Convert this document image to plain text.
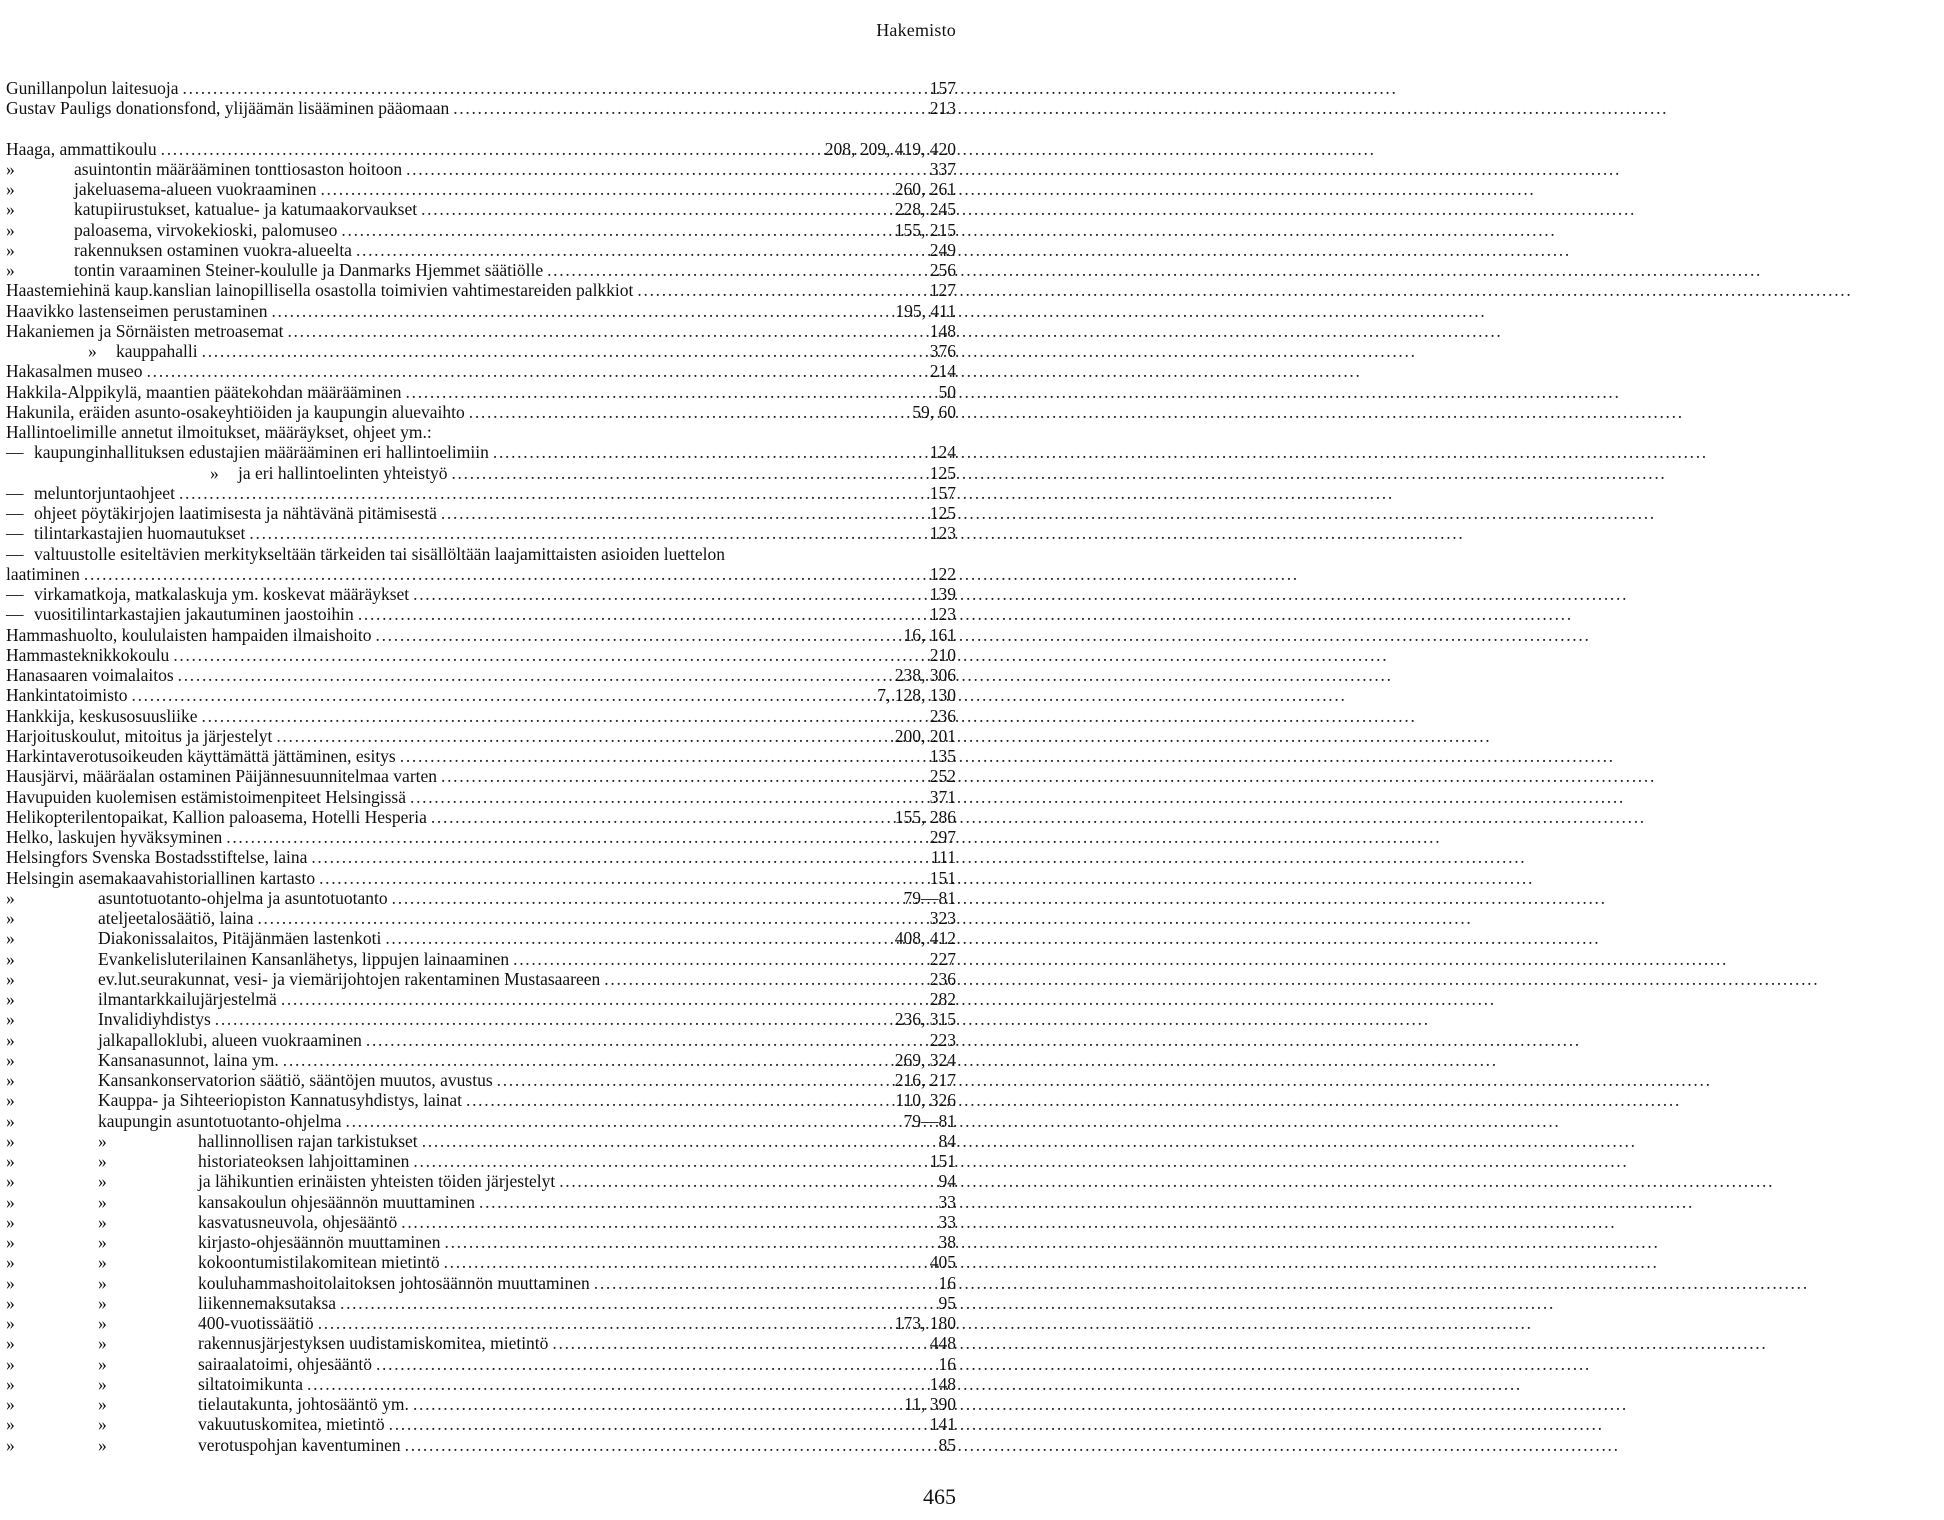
Hakemisto
Gunillanpolun laitesuoja .....	157
Gustav Pauligs donationsfond, ylijäämän lisääminen pääomaan .....	213
Haaga, ammattikoulu .....	208, 209, 419, 420
»	asuintontin määrääminen tonttiosaston hoitoon .....	337
»	jakeluasema-alueen vuokraaminen .....	260, 261
»	katupiirustukset, katualue- ja katumaakorvaukset .....	228, 245
»	paloasema, virvokekioski, palomuseo .....	155, 215
»	rakennuksen ostaminen vuokra-alueelta .....	249
»	tontin varaaminen Steiner-koululle ja Danmarks Hjemmet säätiölle .....	256
Haastemiehinä kaup.kanslian lainopillisella osastolla toimivien vahtimestareiden palkkiot .....	127
Haavikko lastenseimen perustaminen .....	195, 411
Hakaniemen ja Sörnäisten metroasemat .....	148
»	kauppahalli .....	376
Hakasalmen museo .....	214
Hakkila-Alppikylä, maantien päätekohdan määrääminen .....	50
Hakunila, eräiden asunto-osakeyhtiöiden ja kaupungin aluevaihto .....	59, 60
Hallintoelimille annetut ilmoitukset, määräykset, ohjeet ym.:
— kaupunginhallituksen edustajien määrääminen eri hallintoelimiin .....	124
»	ja eri hallintoelinten yhteistyö .....	125
— meluntorjuntaohjeet .....	157
— ohjeet pöytäkirjojen laatimisesta ja nähtävänä pitämisestä .....	125
— tilintarkastajien huomautukset .....	123
— valtuustolle esiteltävien merkitykseltään tärkeiden tai sisällöltään laajamittaisten asioiden luettelon
laatiminen .....	122
— virkamatkoja, matkalaskuja ym. koskevat määräykset .....	139
— vuositilintarkastajien jakautuminen jaostoihin .....	123
Hammashuolto, koululaisten hampaiden ilmaishoito .....	16, 161
Hammasteknikkokoulu .....	210
Hanasaaren voimalaitos .....	238, 306
Hankintatoimisto .....	7, 128, 130
Hankkija, keskusosuusliike .....	236
Harjoituskoulut, mitoitus ja järjestelyt .....	200, 201
Harkintaverotusoikeuden käyttämättä jättäminen, esitys .....	135
Hausjärvi, määräalan ostaminen Päijännesuunnitelmaa varten .....	252
Havupuiden kuolemisen estämistoimenpiteet Helsingissä .....	371
Helikopterilentopaikat, Kallion paloasema, Hotelli Hesperia .....	155, 286
Helko, laskujen hyväksyminen .....	297
Helsingfors Svenska Bostadsstiftelse, laina .....	111
Helsingin asemakaavahistoriallinen kartasto .....	151
»	asuntotuotanto-ohjelma ja asuntotuotanto .....	79—81
»	ateljeetalosäätiö, laina .....	323
»	Diakonissalaitos, Pitäjänmäen lastenkoti .....	408, 412
»	Evankelisluterilainen Kansanlähetys, lippujen lainaaminen .....	227
»	ev.lut.seurakunnat, vesi- ja viemärijohtojen rakentaminen Mustasaareen .....	236
»	ilmantarkkailujärjestelmä .....	282
»	Invalidiyhdistys .....	236, 315
»	jalkapalloklubi, alueen vuokraaminen .....	223
»	Kansanasunnot, laina ym. .....	269, 324
»	Kansankonservatorion säätiö, sääntöjen muutos, avustus .....	216, 217
»	Kauppa- ja Sihteeriopiston Kannatusyhdistys, lainat .....	110, 326
»	kaupungin asuntotuotanto-ohjelma .....	79—81
»	»	hallinnollisen rajan tarkistukset .....	84
»	»	historiateoksen lahjoittaminen .....	151
»	»	ja lähikuntien erinäisten yhteisten töiden järjestelyt .....	94
»	»	kansakoulun ohjesäännön muuttaminen .....	33
»	»	kasvatusneuvola, ohjesääntö .....	33
»	»	kirjasto-ohjesäännön muuttaminen .....	38
»	»	kokoontumistilakomitean mietintö .....	405
»	»	kouluhammashoitolaitoksen johtosäännön muuttaminen .....	16
»	»	liikennemaksutaksa .....	95
»	»	400-vuotissäätiö .....	173, 180
»	»	rakennusjärjestyksen uudistamiskomitea, mietintö .....	448
»	»	sairaalatoimi, ohjesääntö .....	16
»	»	siltatoimikunta .....	148
»	»	tielautakunta, johtosääntö ym. .....	11, 390
»	»	vakuutuskomitea, mietintö .....	141
»	»	verotuspohjan kaventuminen .....	85
465
